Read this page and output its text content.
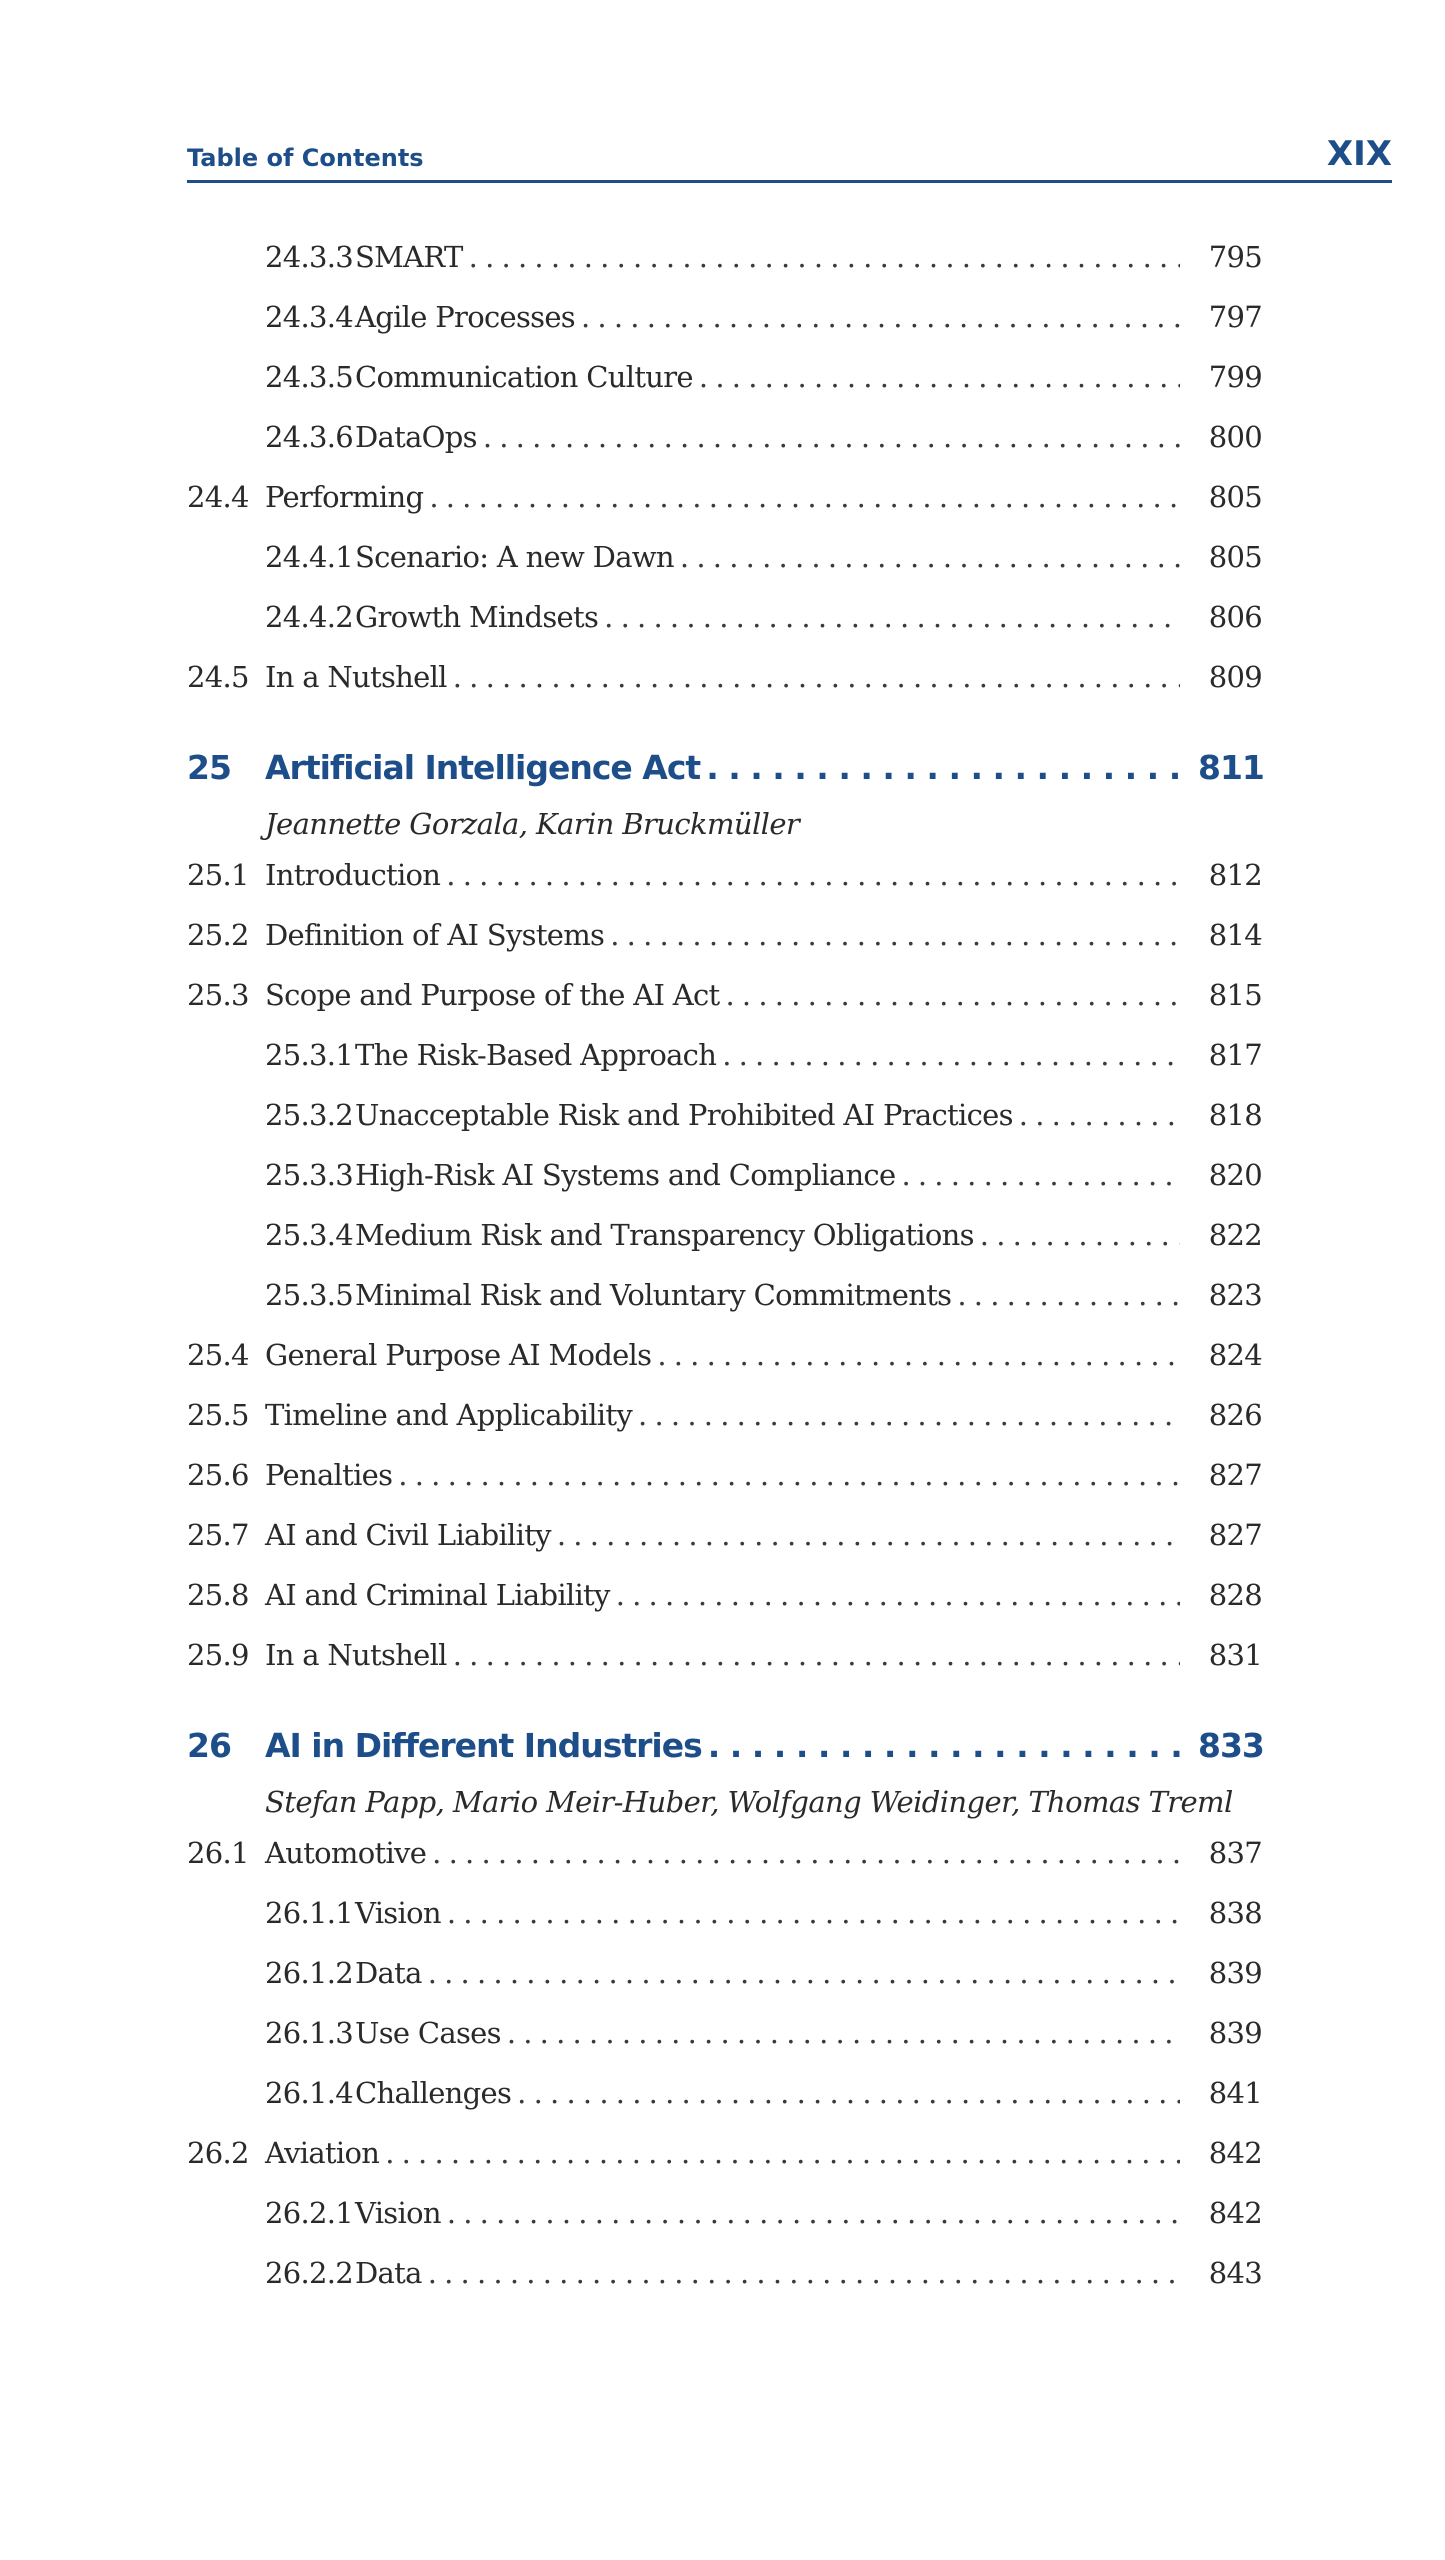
Table of Contents	XIX
24.3.3 SMART . . .	795
24.3.4 Agile Processes . . .	797
24.3.5 Communication Culture . . .	799
24.3.6 DataOps . . .	800
24.4 Performing . . .	805
24.4.1 Scenario: A new Dawn . . .	805
24.4.2 Growth Mindsets . . .	806
24.5 In a Nutshell . . .	809
25	Artificial Intelligence Act . . .	811
Jeannette Gorzala, Karin Bruckmüller
25.1 Introduction . . .	812
25.2 Definition of AI Systems . . .	814
25.3 Scope and Purpose of the AI Act . . .	815
25.3.1 The Risk-Based Approach . . .	817
25.3.2 Unacceptable Risk and Prohibited AI Practices . . .	818
25.3.3 High-Risk AI Systems and Compliance . . .	820
25.3.4 Medium Risk and Transparency Obligations . . .	822
25.3.5 Minimal Risk and Voluntary Commitments . . .	823
25.4 General Purpose AI Models . . .	824
25.5 Timeline and Applicability . . .	826
25.6 Penalties . . .	827
25.7 AI and Civil Liability . . .	827
25.8 AI and Criminal Liability . . .	828
25.9 In a Nutshell . . .	831
26	AI in Different Industries . . .	833
Stefan Papp, Mario Meir-Huber, Wolfgang Weidinger, Thomas Treml
26.1 Automotive . . .	837
26.1.1 Vision . . .	838
26.1.2 Data . . .	839
26.1.3 Use Cases . . .	839
26.1.4 Challenges . . .	841
26.2 Aviation . . .	842
26.2.1 Vision . . .	842
26.2.2 Data . . .	843
